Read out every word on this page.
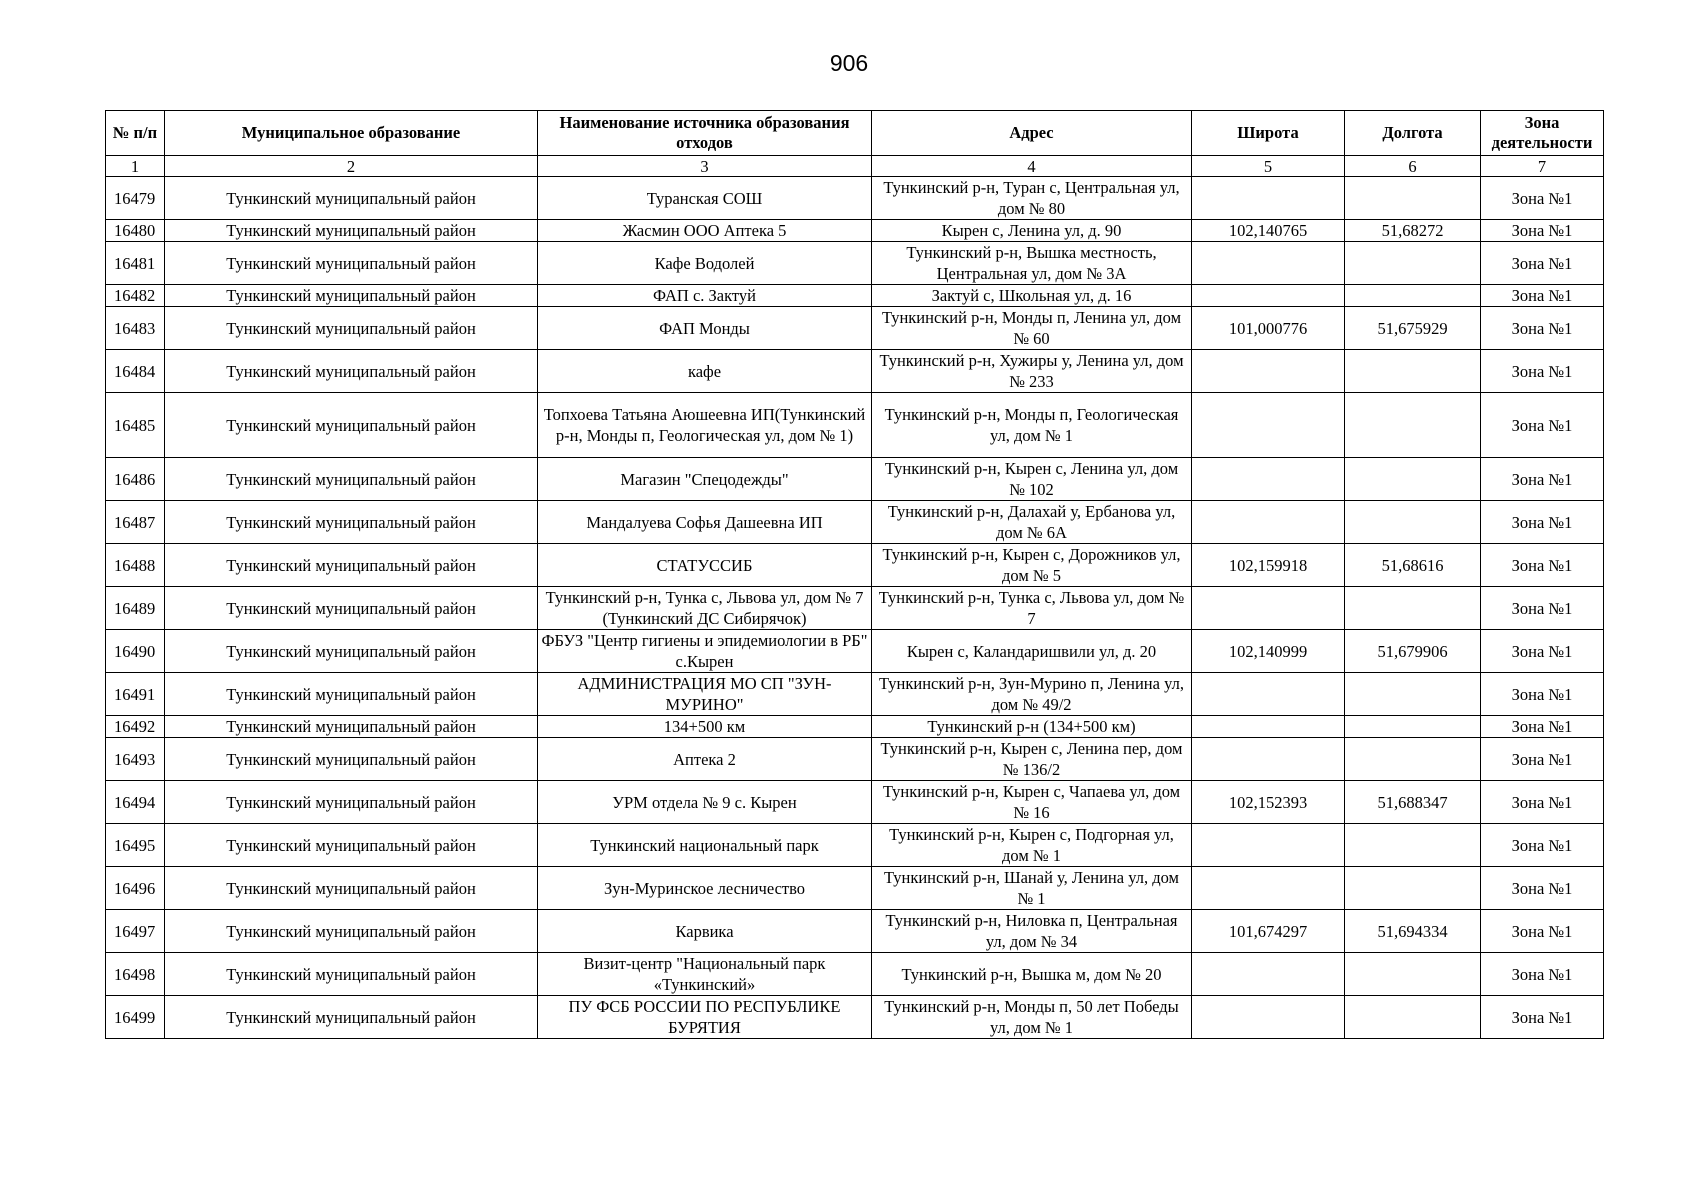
906
№ п/п	Муниципальное образование	Наименование источника образования отходов	Адрес	Широта	Долгота	Зона деятельности
1	2	3	4	5	6	7
16479	Тункинский муниципальный район	Туранская СОШ	Тункинский р-н, Туран с, Центральная ул, дом № 80			Зона №1
16480	Тункинский муниципальный район	Жасмин ООО Аптека 5	Кырен с, Ленина ул, д. 90	102,140765	51,68272	Зона №1
16481	Тункинский муниципальный район	Кафе Водолей	Тункинский р-н, Вышка местность, Центральная ул, дом № 3А			Зона №1
16482	Тункинский муниципальный район	ФАП с. Зактуй	Зактуй с, Школьная ул, д. 16			Зона №1
16483	Тункинский муниципальный район	ФАП Монды	Тункинский р-н, Монды п, Ленина ул, дом № 60	101,000776	51,675929	Зона №1
16484	Тункинский муниципальный район	кафе	Тункинский р-н, Хужиры у, Ленина ул, дом № 233			Зона №1
16485	Тункинский муниципальный район	Топхоева Татьяна Аюшеевна ИП(Тункинский р-н, Монды п, Геологическая ул, дом № 1)	Тункинский р-н, Монды п, Геологическая ул, дом № 1			Зона №1
16486	Тункинский муниципальный район	Магазин "Спецодежды"	Тункинский р-н, Кырен с, Ленина ул, дом № 102			Зона №1
16487	Тункинский муниципальный район	Мандалуева Софья Дашеевна ИП	Тункинский р-н, Далахай у, Ербанова ул, дом № 6А			Зона №1
16488	Тункинский муниципальный район	СТАТУССИБ	Тункинский р-н, Кырен с, Дорожников ул, дом № 5	102,159918	51,68616	Зона №1
16489	Тункинский муниципальный район	Тункинский р-н, Тунка с, Львова ул, дом № 7 (Тункинский ДС Сибирячок)	Тункинский р-н, Тунка с, Львова ул, дом № 7			Зона №1
16490	Тункинский муниципальный район	ФБУЗ "Центр гигиены и эпидемиологии в РБ" с.Кырен	Кырен с, Каландаришвили ул, д. 20	102,140999	51,679906	Зона №1
16491	Тункинский муниципальный район	АДМИНИСТРАЦИЯ МО СП "ЗУН-МУРИНО"	Тункинский р-н, Зун-Мурино п, Ленина ул, дом № 49/2			Зона №1
16492	Тункинский муниципальный район	134+500 км	Тункинский р-н (134+500 км)			Зона №1
16493	Тункинский муниципальный район	Аптека 2	Тункинский р-н, Кырен с, Ленина пер, дом № 136/2			Зона №1
16494	Тункинский муниципальный район	УРМ отдела № 9 с. Кырен	Тункинский р-н, Кырен с, Чапаева ул, дом № 16	102,152393	51,688347	Зона №1
16495	Тункинский муниципальный район	Тункинский национальный парк	Тункинский р-н, Кырен с, Подгорная ул, дом № 1			Зона №1
16496	Тункинский муниципальный район	Зун-Муринское лесничество	Тункинский р-н, Шанай у, Ленина ул, дом № 1			Зона №1
16497	Тункинский муниципальный район	Карвика	Тункинский р-н, Ниловка п, Центральная ул, дом № 34	101,674297	51,694334	Зона №1
16498	Тункинский муниципальный район	Визит-центр "Национальный парк «Тункинский»	Тункинский р-н, Вышка м, дом № 20			Зона №1
16499	Тункинский муниципальный район	ПУ ФСБ РОССИИ ПО РЕСПУБЛИКЕ БУРЯТИЯ	Тункинский р-н, Монды п, 50 лет Победы ул, дом № 1			Зона №1
